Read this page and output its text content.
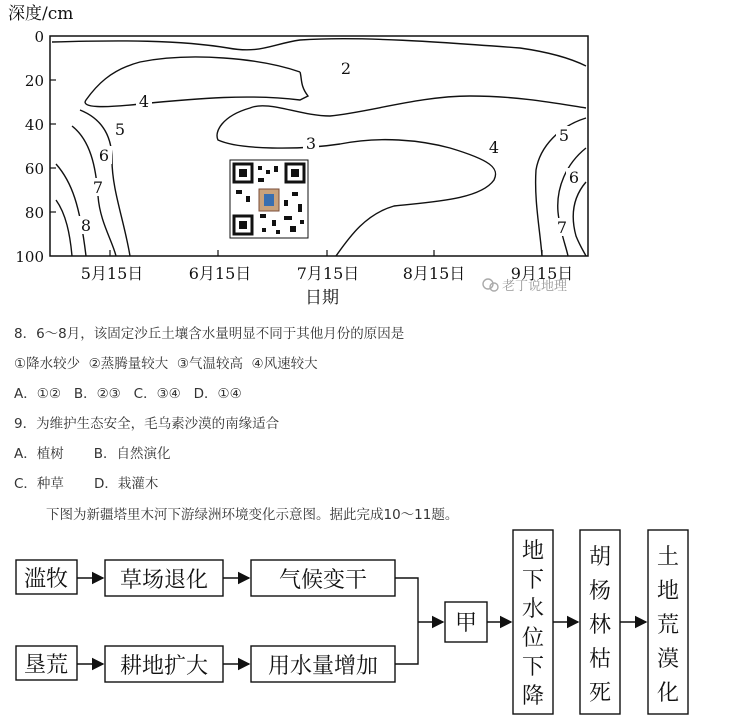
深度/cm
0
20
40
60
80
100
2
3
4
5
6
7
8
4
5
6
7
5月15日	6月15日	7月15日	8月15日	9月15日
日期
老丁说地理
8．6～8月，该固定沙丘土壤含水量明显不同于其他月份的原因是
①降水较少  ②蒸腾量较大  ③气温较高  ④风速较大
A．①②   B．②③   C．③④   D．①④
9．为维护生态安全，毛乌素沙漠的南缘适合
A．植树       B．自然演化
C．种草       D．栽灌木
下图为新疆塔里木河下游绿洲环境变化示意图。据此完成10～11题。
滥牧
垦荒
草场退化
耕地扩大
气候变干
用水量增加
甲
地
下
水
位
下
降
胡
杨
林
枯
死
土
地
荒
漠
化
